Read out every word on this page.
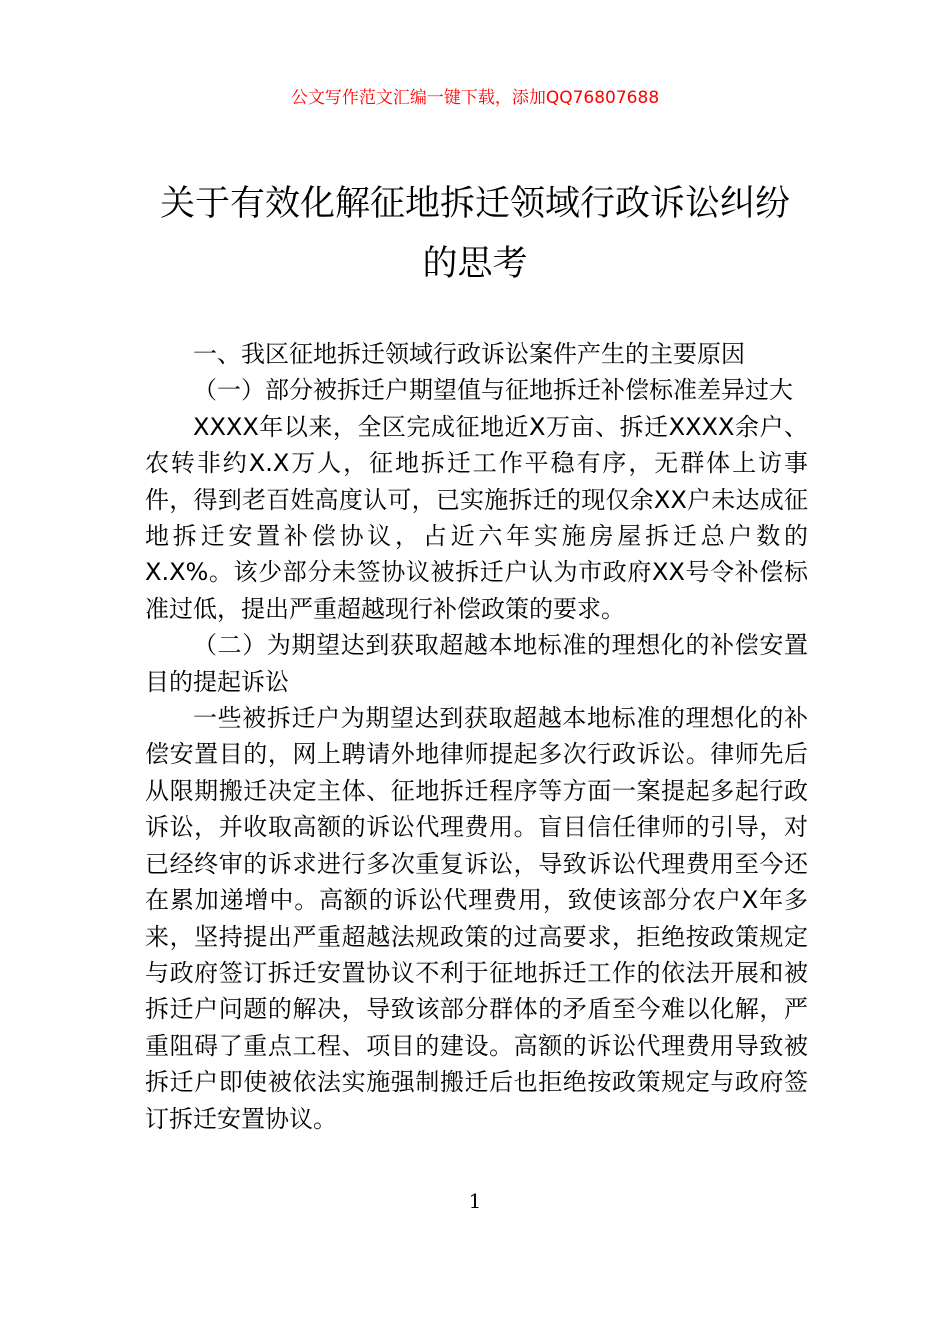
公文写作范文汇编一键下载，添加QQ76807688
关于有效化解征地拆迁领域行政诉讼纠纷
的思考

一、我区征地拆迁领域行政诉讼案件产生的主要原因

（一）部分被拆迁户期望值与征地拆迁补偿标准差异过大

XXXX年以来，全区完成征地近X万亩、拆迁XXXX余户、农转非约X.X万人，征地拆迁工作平稳有序，无群体上访事件，得到老百姓高度认可，已实施拆迁的现仅余XX户未达成征地拆迁安置补偿协议，占近六年实施房屋拆迁总户数的X.X%。该少部分未签协议被拆迁户认为市政府XX号令补偿标准过低，提出严重超越现行补偿政策的要求。

（二）为期望达到获取超越本地标准的理想化的补偿安置目的提起诉讼

一些被拆迁户为期望达到获取超越本地标准的理想化的补偿安置目的，网上聘请外地律师提起多次行政诉讼。律师先后从限期搬迁决定主体、征地拆迁程序等方面一案提起多起行政诉讼，并收取高额的诉讼代理费用。盲目信任律师的引导，对已经终审的诉求进行多次重复诉讼，导致诉讼代理费用至今还在累加递增中。高额的诉讼代理费用，致使该部分农户X年多来，坚持提出严重超越法规政策的过高要求，拒绝按政策规定与政府签订拆迁安置协议不利于征地拆迁工作的依法开展和被拆迁户问题的解决，导致该部分群体的矛盾至今难以化解，严重阻碍了重点工程、项目的建设。高额的诉讼代理费用导致被拆迁户即使被依法实施强制搬迁后也拒绝按政策规定与政府签订拆迁安置协议。

1
